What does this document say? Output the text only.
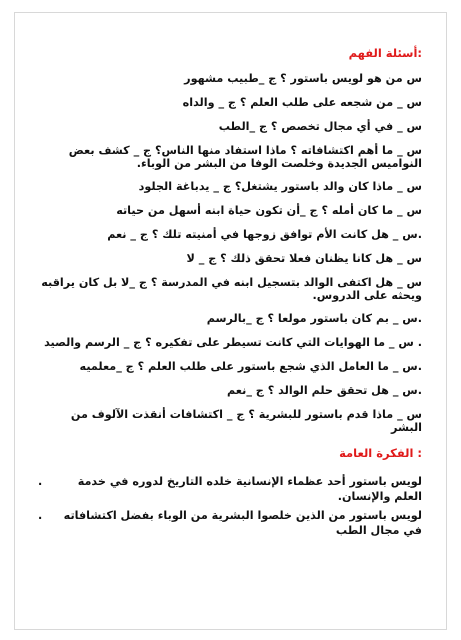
:أسئلة الفهم
س من هو لويس باستور ؟ ج _طبيب مشهور
س _ من شجعه على طلب العلم ؟ ج _ والداه
س _ في أي مجال تخصص ؟ ج _الطب
س _ ما أهم اكتشافاته ؟ ماذا استفاد منها الناس؟ ج _ كشف بعض النواميس الجديدة وخلصت الوفا من البشر من الوباء.
س _ ماذا كان والد باستور يشتغل؟ ج _ يدباغة الجلود
س _ ما كان أمله ؟ ج _أن تكون حياة ابنه أسهل من حياته
.س _ هل كانت الأم توافق زوجها في أمنيته تلك ؟ ج _ نعم
س _ هل كانا يظنان فعلا تحقق ذلك ؟ ج _ لا
س _ هل اكتفى الوالد بتسجيل ابنه في المدرسة ؟ ج _لا بل كان يراقبه ويحثه على الدروس.
.س _ بم كان باستور مولعا ؟ ج _بالرسم
. س _ ما الهوايات التي كانت تسيطر على تفكيره ؟ ج _ الرسم والصيد
.س _ ما العامل الذي شجع باستور على طلب العلم ؟ ج _معلميه
.س _ هل تحقق حلم الوالد ؟ ج _نعم
س _ ماذا قدم باستور للبشرية ؟ ج _ اكتشافات أنقذت الآلوف من البشر
: الفكرة العامة
لويس باستور أحد عظماء الإنسانية خلده التاريخ لدوره في خدمة العلم والإنسان.
.
لويس باستور من الذين خلصوا البشرية من الوباء بفضل اكتشافاته في مجال الطب
.
